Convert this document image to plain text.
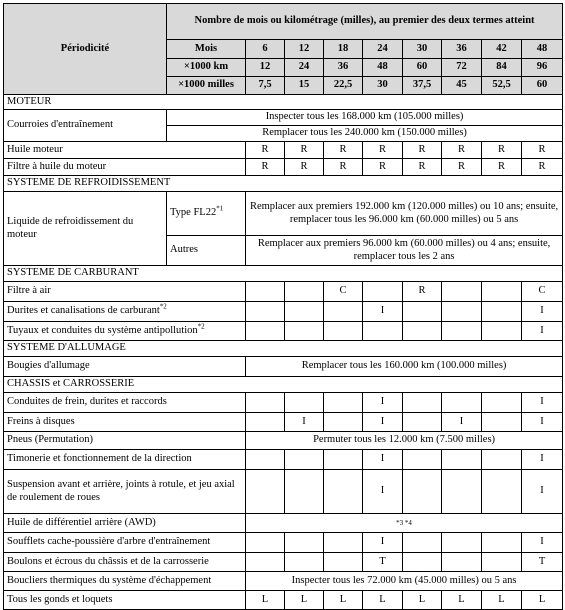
Périodicité	Nombre de mois ou kilométrage (milles), au premier des deux termes atteint								
	Mois	6	12	18	24	30	36	42	48
	×1000 km	12	24	36	48	60	72	84	96
	×1000 milles	7,5	15	22,5	30	37,5	45	52,5	60
MOTEUR									
Courroies d'entraînement	Inspecter tous les 168.000 km (105.000 milles)								
	Remplacer tous les 240.000 km (150.000 milles)								
Huile moteur		R	R	R	R	R	R	R	R
Filtre à huile du moteur		R	R	R	R	R	R	R	R
SYSTEME DE REFROIDISSEMENT									
Liquide de refroidissement du moteur	Type FL22$^{*1}$	Remplacer aux premiers 192.000 km (120.000 milles) ou 10 ans; ensuite, remplacer tous les 96.000 km (60.000 milles) ou 5 ans							
	Autres	Remplacer aux premiers 96.000 km (60.000 milles) ou 4 ans; ensuite, remplacer tous les 2 ans							
SYSTEME DE CARBURANT									
Filtre à air				C		R			C
Durites et canalisations de carburant$^{*2}$					I				I
Tuyaux et conduites du système antipollution$^{*2}$									I
SYSTEME D'ALLUMAGE									
Bougies d'allumage		Remplacer tous les 160.000 km (100.000 milles)							
CHASSIS et CARROSSERIE									
Conduites de frein, durites et raccords					I				I
Freins à disques			I		I		I		I
Pneus (Permutation)		Permuter tous les 12.000 km (7.500 milles)							
Timonerie et fonctionnement de la direction					I				I
Suspension avant et arrière, joints à rotule, et jeu axial de roulement de roues					I				I
Huile de différentiel arrière (AWD)		*3 *4							
Soufflets cache-poussière d'arbre d'entraînement					I				I
Boulons et écrous du châssis et de la carrosserie					T				T
Boucliers thermiques du système d'échappement		Inspecter tous les 72.000 km (45.000 milles) ou 5 ans							
Tous les gonds et loquets		L	L	L	L	L	L	L	L
